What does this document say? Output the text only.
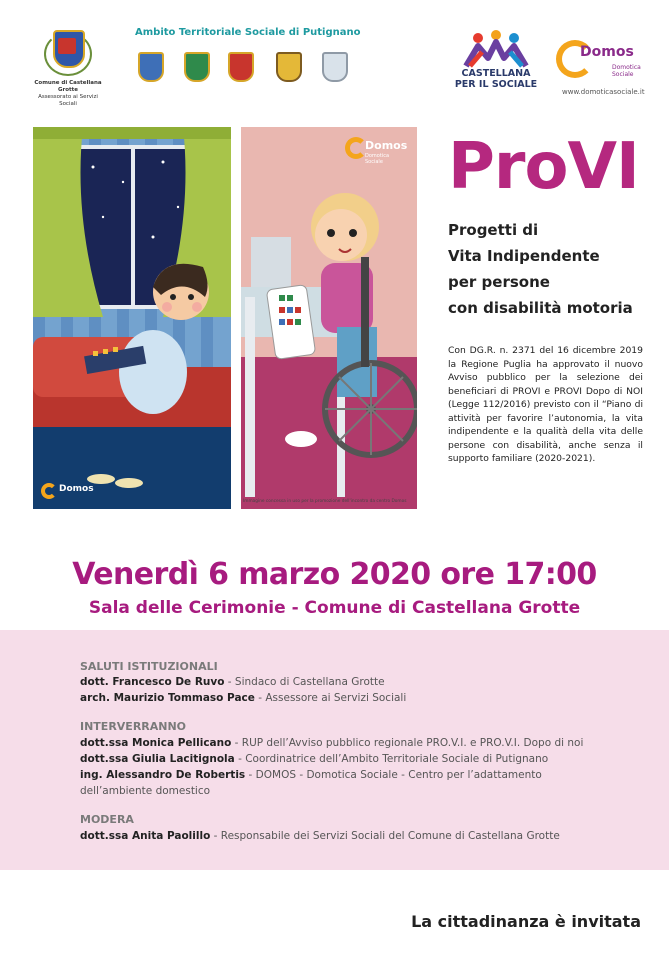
Comune di Castellana Grotte
Assessorato ai Servizi Sociali
Ambito Territoriale Sociale di Putignano
CASTELLANA
PER IL SOCIALE
Domos
Domotica
Sociale
www.domoticasociale.it
Domos
Domos
Domotica Sociale
Immagine concessa in uso per la promozione dell'incontro da centro Domos
ProVI
Progetti di
Vita Indipendente
per persone
con disabilità motoria
Con DG.R. n. 2371 del 16 dicembre 2019 la Regione Puglia ha approvato il nuovo Avviso pubblico per la selezione dei beneficiari di PROVI e PROVI Dopo di NOI (Legge 112/2016) previsto con il “Piano di attività per favorire l’autonomia, la vita indipendente e la qualità della vita delle persone con disabilità, anche senza il supporto familiare (2020-2021).
Venerdì 6 marzo 2020 ore 17:00
Sala delle Cerimonie - Comune di Castellana Grotte
SALUTI ISTITUZIONALI
dott. Francesco De Ruvo - Sindaco di Castellana Grotte
arch. Maurizio Tommaso Pace - Assessore ai Servizi Sociali
INTERVERRANNO
dott.ssa Monica Pellicano - RUP dell’Avviso pubblico regionale PRO.V.I. e PRO.V.I. Dopo di noi
dott.ssa Giulia Lacitignola - Coordinatrice dell’Ambito Territoriale Sociale di Putignano
ing. Alessandro De Robertis - DOMOS - Domotica Sociale - Centro per l’adattamento
dell’ambiente domestico
MODERA
dott.ssa Anita Paolillo - Responsabile dei Servizi Sociali del Comune di Castellana Grotte
La cittadinanza è invitata
